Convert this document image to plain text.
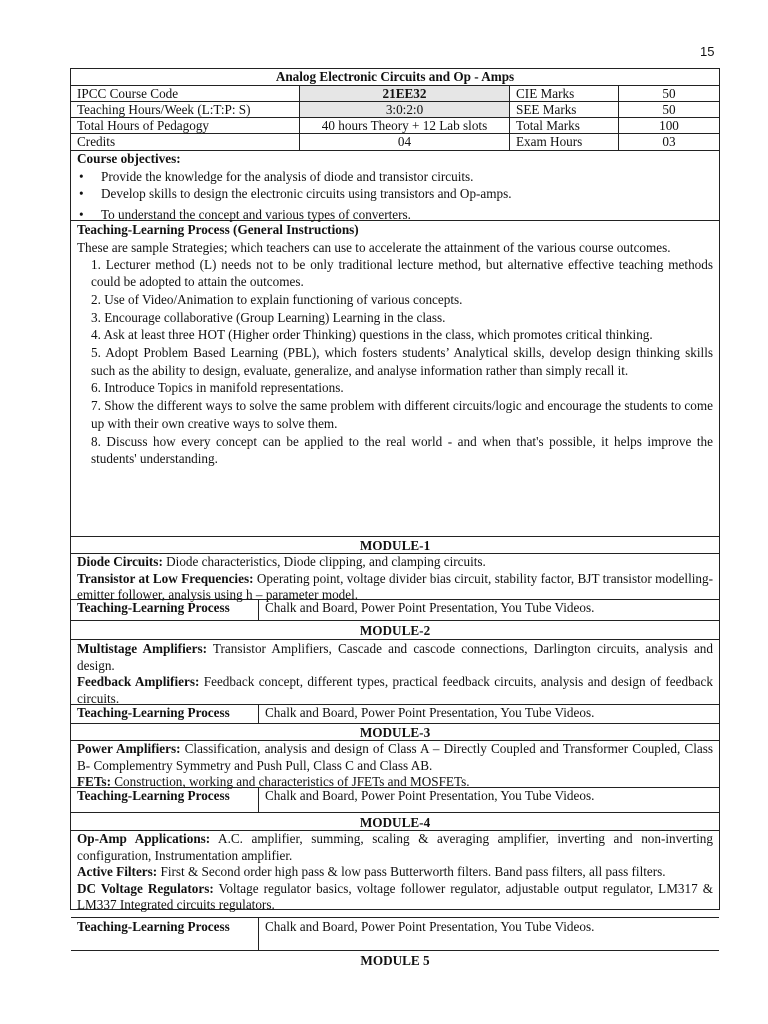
15
Analog Electronic Circuits and Op - Amps
IPCC Course Code	21EE32	CIE Marks	50
Teaching Hours/Week (L:T:P: S)	3:0:2:0	SEE Marks	50
Total Hours of Pedagogy	40 hours Theory + 12 Lab slots	Total Marks	100
Credits	04	Exam Hours	03
Course objectives:
• Provide the knowledge for the analysis of diode and transistor circuits.
• Develop skills to design the electronic circuits using transistors and Op-amps.
• To understand the concept and various types of converters.
Teaching-Learning Process (General Instructions)
These are sample Strategies; which teachers can use to accelerate the attainment of the various course outcomes.
1. Lecturer method (L) needs not to be only traditional lecture method, but alternative effective teaching methods could be adopted to attain the outcomes.
2. Use of Video/Animation to explain functioning of various concepts.
3. Encourage collaborative (Group Learning) Learning in the class.
4. Ask at least three HOT (Higher order Thinking) questions in the class, which promotes critical thinking.
5. Adopt Problem Based Learning (PBL), which fosters students’ Analytical skills, develop design thinking skills such as the ability to design, evaluate, generalize, and analyse information rather than simply recall it.
6. Introduce Topics in manifold representations.
7. Show the different ways to solve the same problem with different circuits/logic and encourage the students to come up with their own creative ways to solve them.
8. Discuss how every concept can be applied to the real world - and when that's possible, it helps improve the students' understanding.
MODULE-1
Diode Circuits: Diode characteristics, Diode clipping, and clamping circuits.
Transistor at Low Frequencies: Operating point, voltage divider bias circuit, stability factor, BJT transistor modelling- emitter follower, analysis using h – parameter model.
Teaching-Learning Process	Chalk and Board, Power Point Presentation, You Tube Videos.
MODULE-2
Multistage Amplifiers: Transistor Amplifiers, Cascade and cascode connections, Darlington circuits, analysis and design.
Feedback Amplifiers: Feedback concept, different types, practical feedback circuits, analysis and design of feedback circuits.
Teaching-Learning Process	Chalk and Board, Power Point Presentation, You Tube Videos.
MODULE-3
Power Amplifiers: Classification, analysis and design of Class A – Directly Coupled and Transformer Coupled, Class B- Complementry Symmetry and Push Pull, Class C and Class AB.
FETs: Construction, working and characteristics of JFETs and MOSFETs.
Teaching-Learning Process	Chalk and Board, Power Point Presentation, You Tube Videos.
MODULE-4
Op-Amp Applications: A.C. amplifier, summing, scaling & averaging amplifier, inverting and non-inverting configuration, Instrumentation amplifier.
Active Filters: First & Second order high pass & low pass Butterworth filters. Band pass filters, all pass filters.
DC Voltage Regulators: Voltage regulator basics, voltage follower regulator, adjustable output regulator, LM317 & LM337 Integrated circuits regulators.
Teaching-Learning Process	Chalk and Board, Power Point Presentation, You Tube Videos.
MODULE 5
